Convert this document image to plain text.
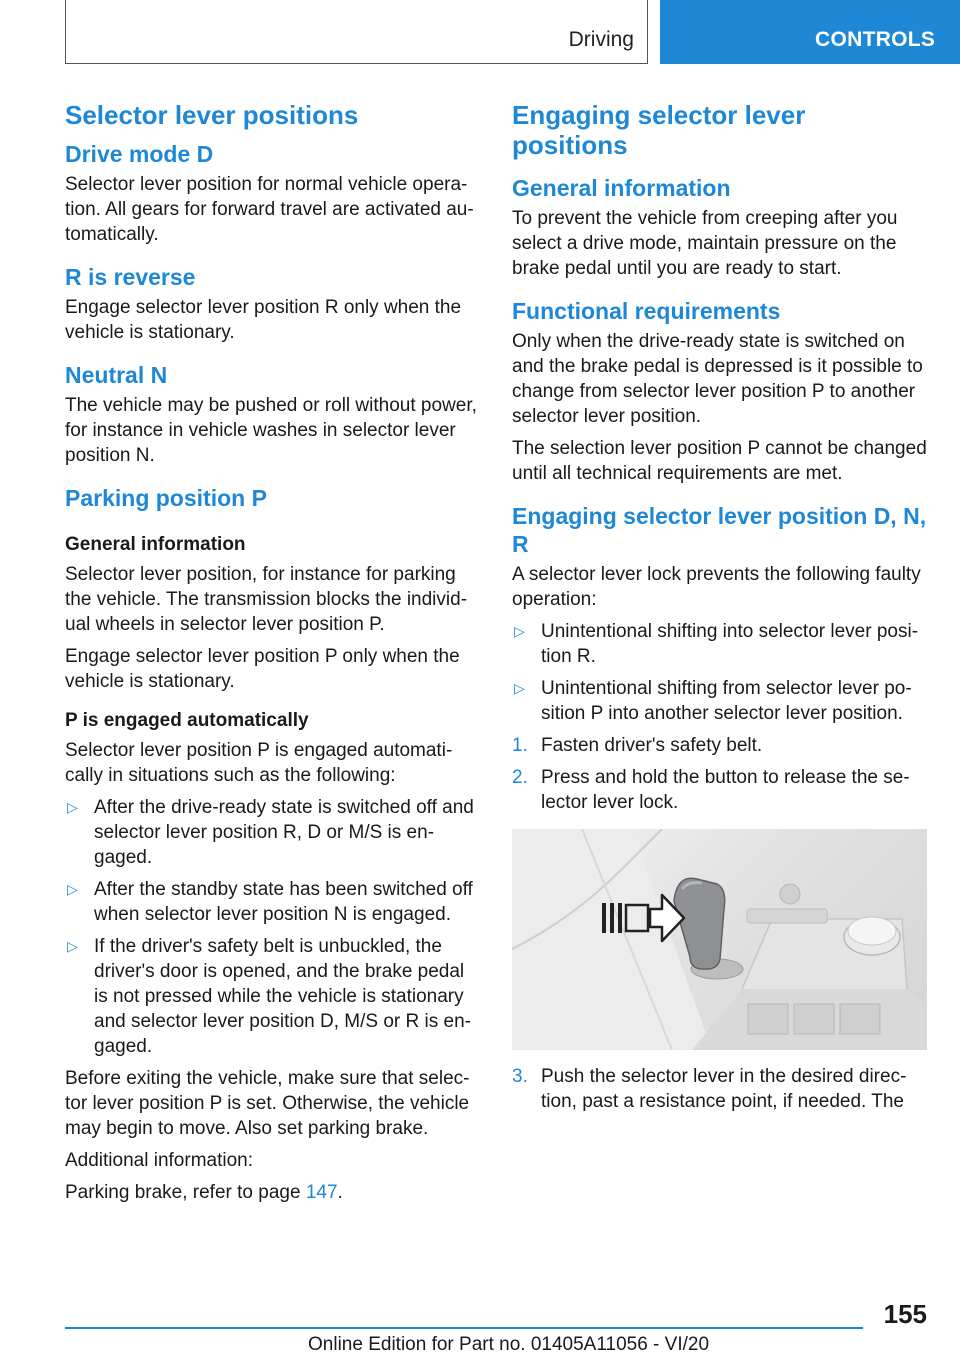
Driving	CONTROLS
Selector lever positions
Drive mode D

Selector lever position for normal vehicle opera tion. All gears for forward travel are activated au tomatically.

R is reverse

Engage selector lever position R only when the vehicle is stationary.

Neutral N

The vehicle may be pushed or roll without power, for instance in vehicle washes in selector lever position N.

Parking position P
General information

Selector lever position, for instance for parking the vehicle. The transmission blocks the individ ual wheels in selector lever position P.

Engage selector lever position P only when the vehicle is stationary.

P is engaged automatically

Selector lever position P is engaged automati cally in situations such as the following:

▷ After the drive-ready state is switched off and selector lever position R, D or M/S is en gaged.
▷ After the standby state has been switched off when selector lever position N is engaged.
▷ If the driver's safety belt is unbuckled, the driver's door is opened, and the brake pedal is not pressed while the vehicle is stationary and selector lever position D, M/S or R is en gaged.

Before exiting the vehicle, make sure that selec tor lever position P is set. Otherwise, the vehicle may begin to move. Also set parking brake.

Additional information:

Parking brake, refer to page 147.

Engaging selector lever positions
General information

To prevent the vehicle from creeping after you select a drive mode, maintain pressure on the brake pedal until you are ready to start.

Functional requirements

Only when the drive-ready state is switched on and the brake pedal is depressed is it possible to change from selector lever position P to another selector lever position.

The selection lever position P cannot be changed until all technical requirements are met.

Engaging selector lever position D, N, R

A selector lever lock prevents the following faulty operation:

▷ Unintentional shifting into selector lever posi tion R.
▷ Unintentional shifting from selector lever po sition P into another selector lever position.
1. Fasten driver's safety belt.
2. Press and hold the button to release the se lector lever lock.
3. Push the selector lever in the desired direc tion, past a resistance point, if needed. The
155
Online Edition for Part no. 01405A11056 - VI/20
